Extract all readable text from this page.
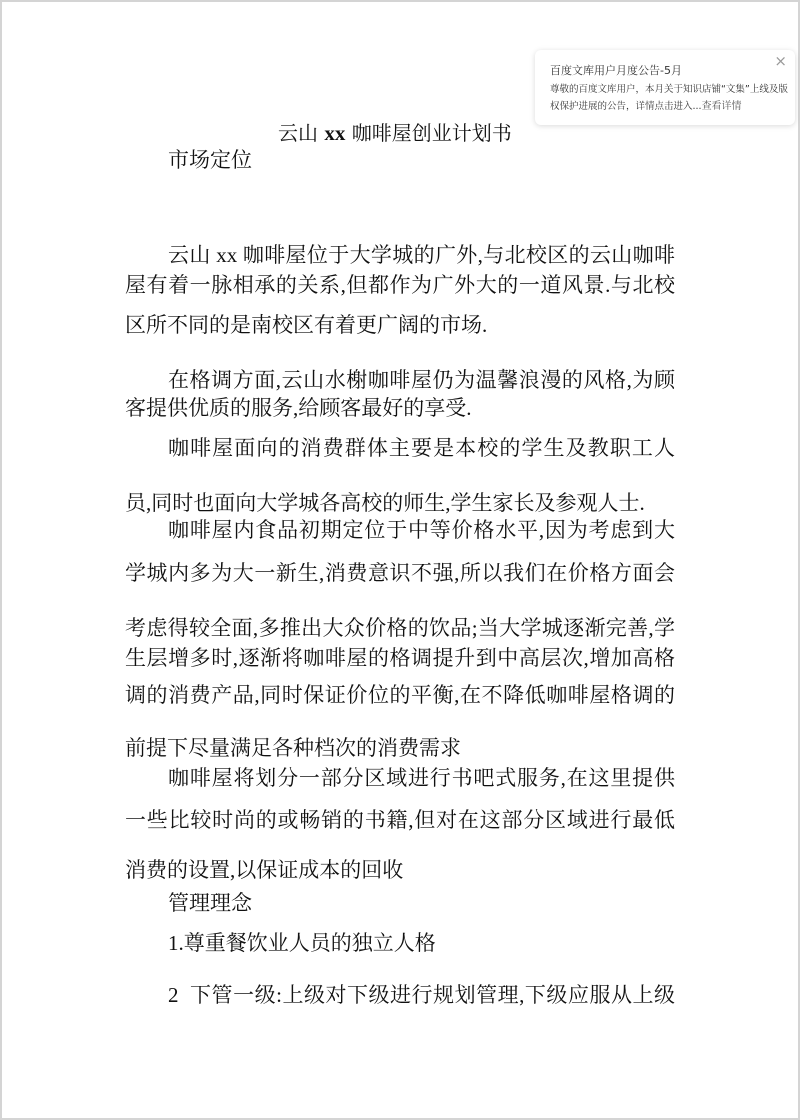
云山 xx 咖啡屋创业计划书
市场定位
云山 xx 咖啡屋位于大学城的广外,与北校区的云山咖啡
屋有着一脉相承的关系,但都作为广外大的一道风景.与北校
区所不同的是南校区有着更广阔的市场.
在格调方面,云山水榭咖啡屋仍为温馨浪漫的风格,为顾
客提供优质的服务,给顾客最好的享受.
咖啡屋面向的消费群体主要是本校的学生及教职工人
员,同时也面向大学城各高校的师生,学生家长及参观人士.
咖啡屋内食品初期定位于中等价格水平,因为考虑到大
学城内多为大一新生,消费意识不强,所以我们在价格方面会
考虑得较全面,多推出大众价格的饮品;当大学城逐渐完善,学
生层增多时,逐渐将咖啡屋的格调提升到中高层次,增加高格
调的消费产品,同时保证价位的平衡,在不降低咖啡屋格调的
前提下尽量满足各种档次的消费需求
咖啡屋将划分一部分区域进行书吧式服务,在这里提供
一些比较时尚的或畅销的书籍,但对在这部分区域进行最低
消费的设置,以保证成本的回收
管理理念
1.尊重餐饮业人员的独立人格
2  下管一级:上级对下级进行规划管理,下级应服从上级
百度文库用户月度公告-5月
尊敬的百度文库用户，本月关于知识店铺“文集”上线及版权保护进展的公告，详情点击进入...查看详情
×
